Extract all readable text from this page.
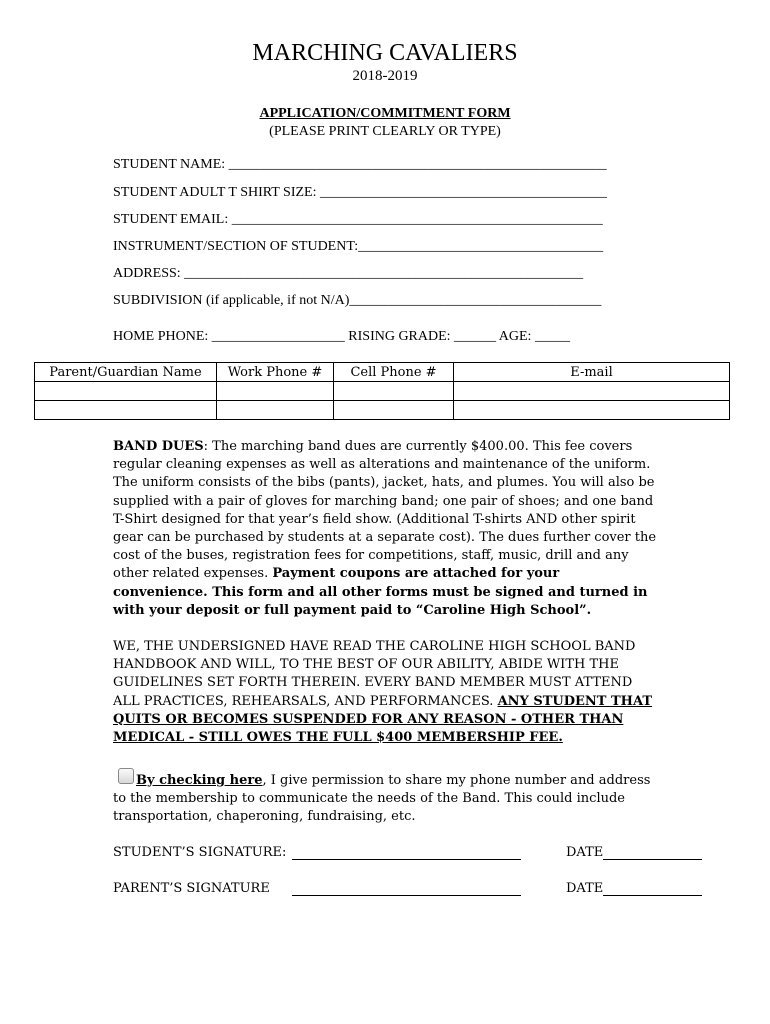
MARCHING CAVALIERS
2018-2019
APPLICATION/COMMITMENT FORM
(PLEASE PRINT CLEARLY OR TYPE)
STUDENT NAME: ______________________________________________________
STUDENT ADULT T SHIRT SIZE: _________________________________________
STUDENT EMAIL: _____________________________________________________
INSTRUMENT/SECTION OF STUDENT:___________________________________
ADDRESS: _________________________________________________________
SUBDIVISION (if applicable, if not N/A)____________________________________
HOME PHONE: ___________________ RISING GRADE: ______ AGE: _____
Parent/Guardian Name	Work Phone #	Cell Phone #	E-mail

BAND DUES: The marching band dues are currently $400.00. This fee covers regular cleaning expenses as well as alterations and maintenance of the uniform. The uniform consists of the bibs (pants), jacket, hats, and plumes. You will also be supplied with a pair of gloves for marching band; one pair of shoes; and one band T-Shirt designed for that year’s field show. (Additional T-shirts AND other spirit gear can be purchased by students at a separate cost). The dues further cover the cost of the buses, registration fees for competitions, staff, music, drill and any other related expenses. Payment coupons are attached for your convenience. This form and all other forms must be signed and turned in with your deposit or full payment paid to “Caroline High School”.
WE, THE UNDERSIGNED HAVE READ THE CAROLINE HIGH SCHOOL BAND HANDBOOK AND WILL, TO THE BEST OF OUR ABILITY, ABIDE WITH THE GUIDELINES SET FORTH THEREIN. EVERY BAND MEMBER MUST ATTEND ALL PRACTICES, REHEARSALS, AND PERFORMANCES. ANY STUDENT THAT QUITS OR BECOMES SUSPENDED FOR ANY REASON - OTHER THAN MEDICAL - STILL OWES THE FULL $400 MEMBERSHIP FEE.
By checking here, I give permission to share my phone number and address to the membership to communicate the needs of the Band. This could include transportation, chaperoning, fundraising, etc.
STUDENT’S SIGNATURE:	DATE
PARENT’S SIGNATURE	DATE
